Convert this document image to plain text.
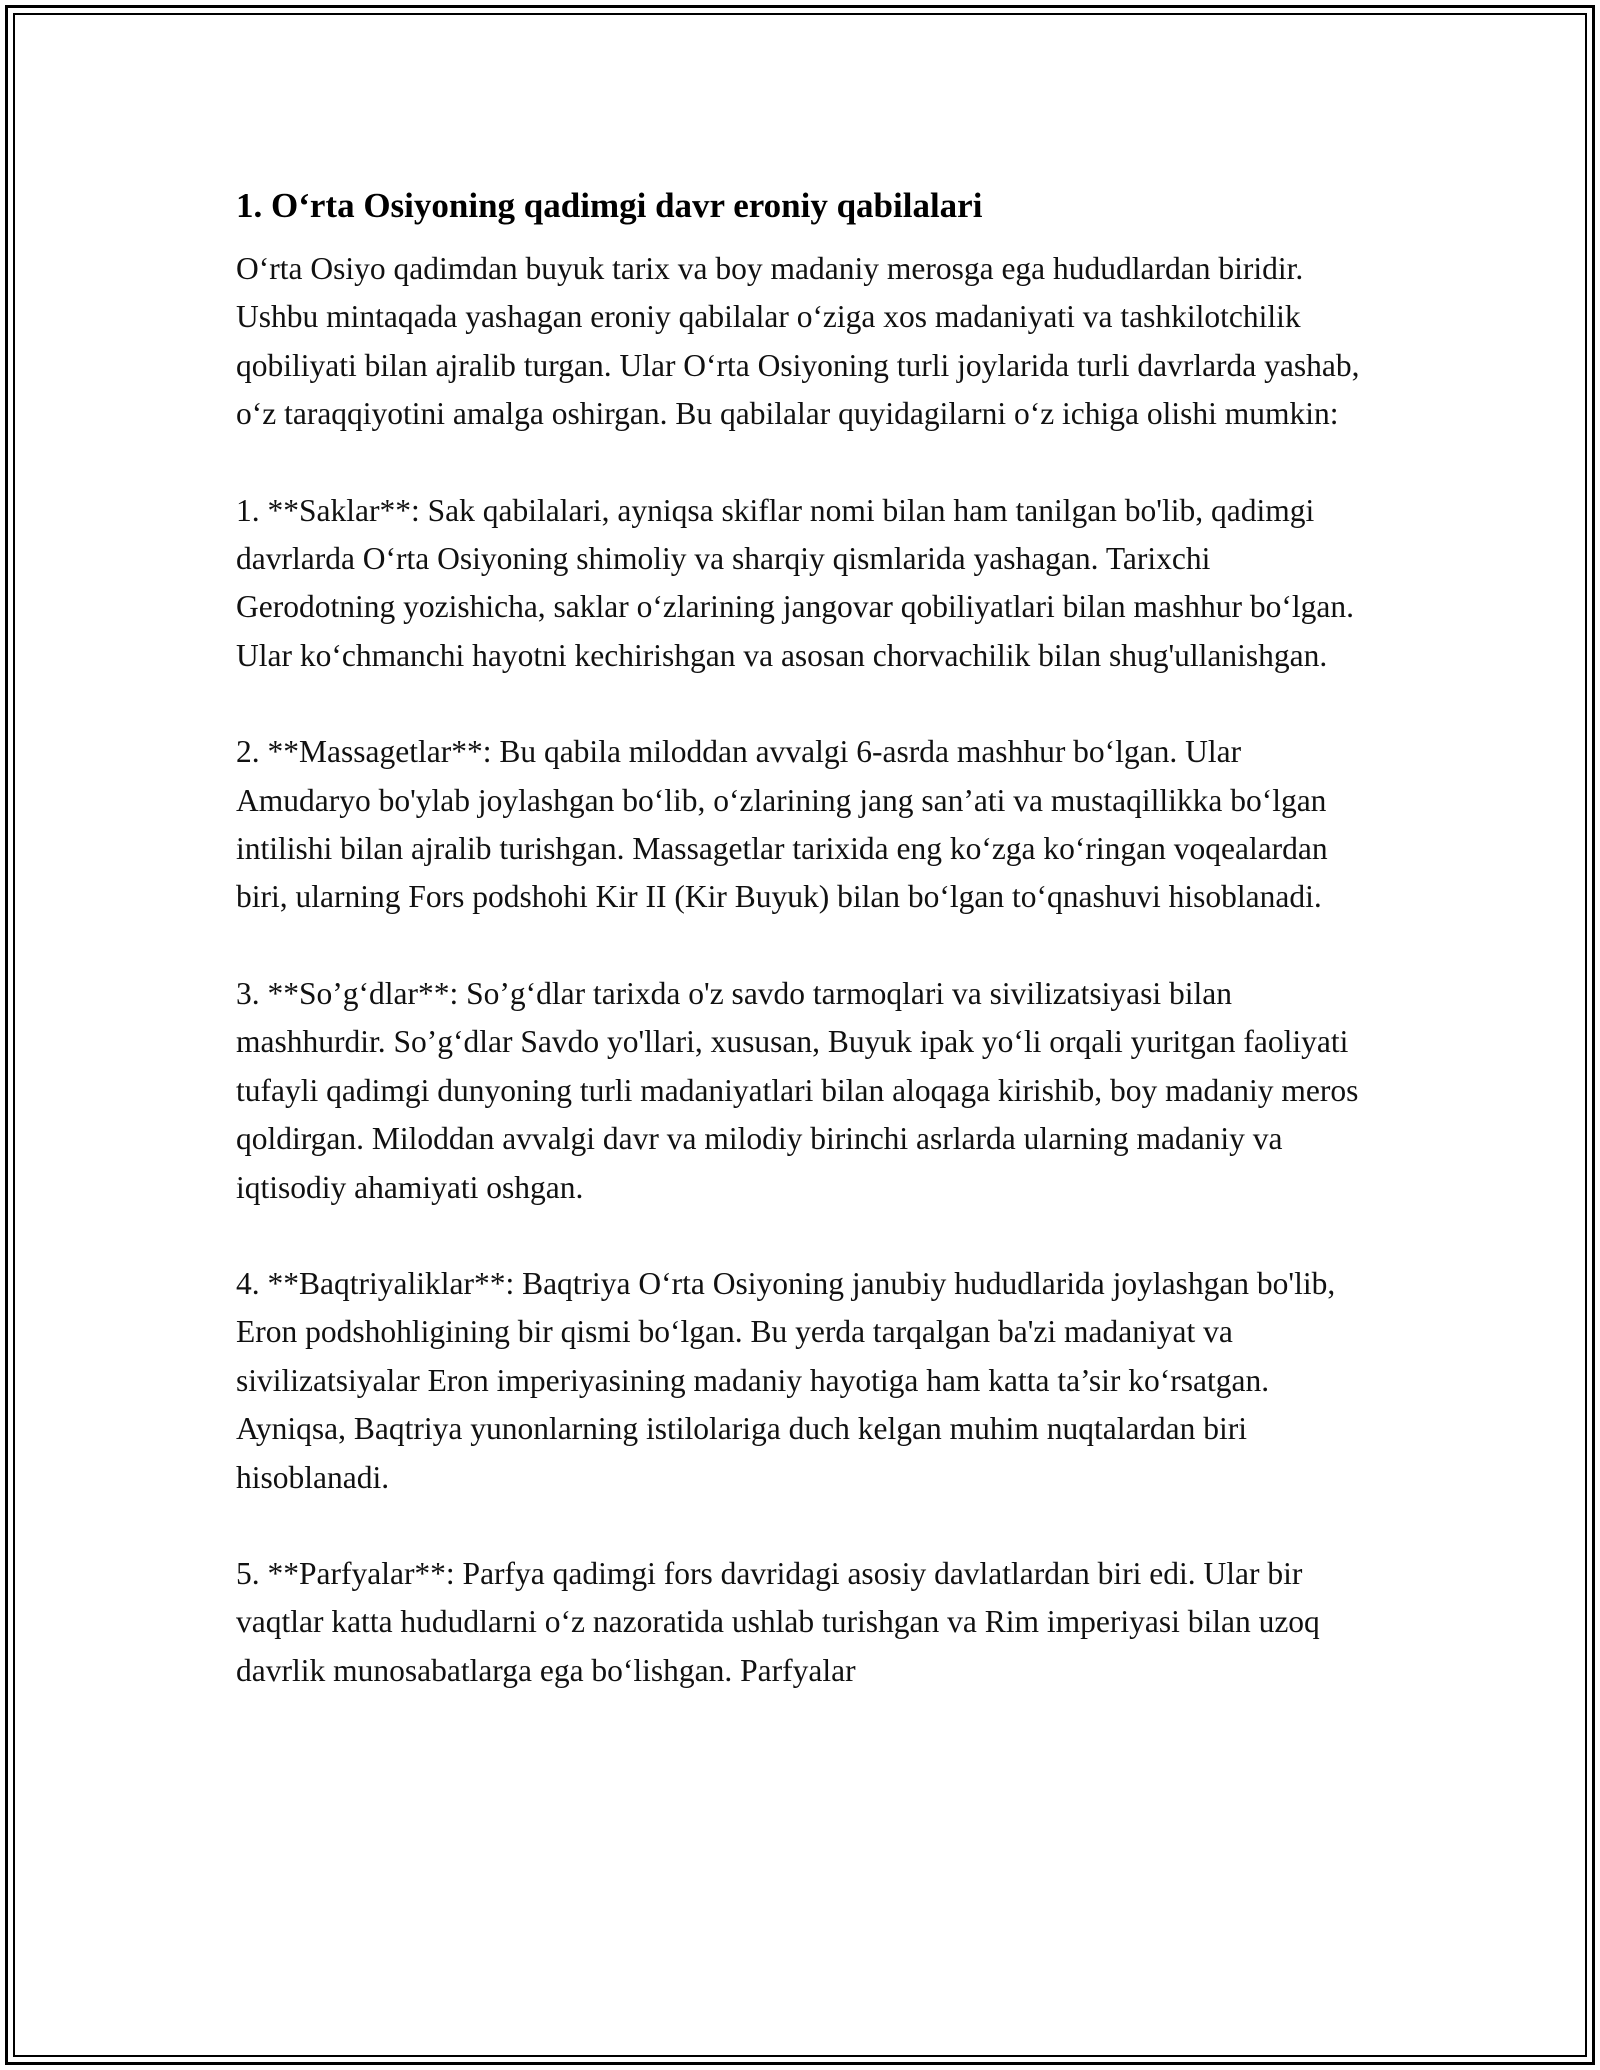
1. O‘rta Osiyoning qadimgi davr eroniy qabilalari

O‘rta Osiyo qadimdan buyuk tarix va boy madaniy merosga ega hududlardan biridir. Ushbu mintaqada yashagan eroniy qabilalar o‘ziga xos madaniyati va tashkilotchilik qobiliyati bilan ajralib turgan. Ular O‘rta Osiyoning turli joylarida turli davrlarda yashab, o‘z taraqqiyotini amalga oshirgan. Bu qabilalar quyidagilarni o‘z ichiga olishi mumkin:

1. **Saklar**: Sak qabilalari, ayniqsa skiflar nomi bilan ham tanilgan bo'lib, qadimgi davrlarda O‘rta Osiyoning shimoliy va sharqiy qismlarida yashagan. Tarixchi Gerodotning yozishicha, saklar o‘zlarining jangovar qobiliyatlari bilan mashhur bo‘lgan. Ular ko‘chmanchi hayotni kechirishgan va asosan chorvachilik bilan shug'ullanishgan.

2. **Massagetlar**: Bu qabila miloddan avvalgi 6-asrda mashhur bo‘lgan. Ular Amudaryo bo'ylab joylashgan bo‘lib, o‘zlarining jang san’ati va mustaqillikka bo‘lgan intilishi bilan ajralib turishgan. Massagetlar tarixida eng ko‘zga ko‘ringan voqealardan biri, ularning Fors podshohi Kir II (Kir Buyuk) bilan bo‘lgan to‘qnashuvi hisoblanadi.

3. **So’g‘dlar**: So’g‘dlar tarixda o'z savdo tarmoqlari va sivilizatsiyasi bilan mashhurdir. So’g‘dlar Savdo yo'llari, xususan, Buyuk ipak yo‘li orqali yuritgan faoliyati tufayli qadimgi dunyoning turli madaniyatlari bilan aloqaga kirishib, boy madaniy meros qoldirgan. Miloddan avvalgi davr va milodiy birinchi asrlarda ularning madaniy va iqtisodiy ahamiyati oshgan.

4. **Baqtriyaliklar**: Baqtriya O‘rta Osiyoning janubiy hududlarida joylashgan bo'lib, Eron podshohligining bir qismi bo‘lgan. Bu yerda tarqalgan ba'zi madaniyat va sivilizatsiyalar Eron imperiyasining madaniy hayotiga ham katta ta’sir ko‘rsatgan. Ayniqsa, Baqtriya yunonlarning istilolariga duch kelgan muhim nuqtalardan biri hisoblanadi.

5. **Parfyalar**: Parfya qadimgi fors davridagi asosiy davlatlardan biri edi. Ular bir vaqtlar katta hududlarni o‘z nazoratida ushlab turishgan va Rim imperiyasi bilan uzoq davrlik munosabatlarga ega bo‘lishgan. Parfyalar
